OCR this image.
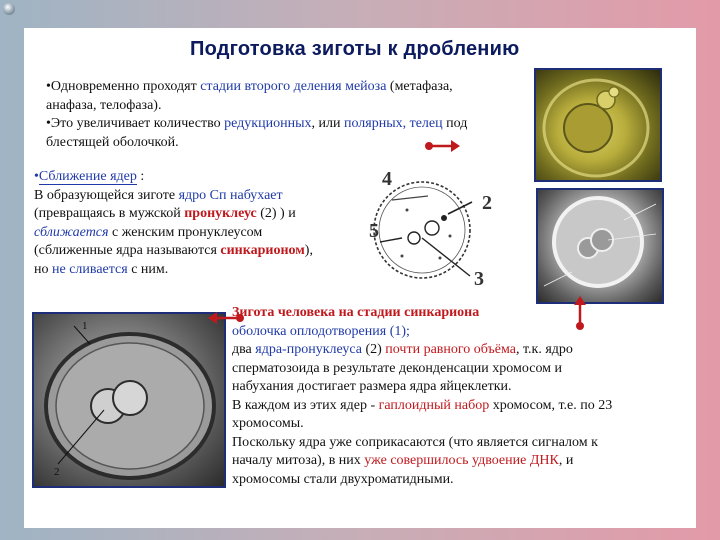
Подготовка зиготы к дроблению
•Одновременно проходят стадии второго деления мейоза (метафаза,
анафаза, телофаза).
•Это увеличивает количество редукционных, или полярных, телец под
блестящей оболочкой.
•Сближение ядер :
В образующейся зиготе ядро Сп набухает
(превращаясь в мужской пронуклеус (2) ) и
сближается с женским пронуклеусом
(сближенные ядра называются синкарионом),
но не сливается с ним.
4
2
5
3
1
2
Зигота человека на стадии синкариона
оболочка оплодотворения (1);
два ядра-пронуклеуса (2) почти равного объёма, т.к. ядро
сперматозоида в результате деконденсации хромосом и
набухания достигает размера ядра яйцеклетки.
В каждом из этих ядер - гаплоидный набор хромосом, т.е. по 23
хромосомы.
Поскольку ядра уже соприкасаются (что является сигналом к
началу митоза), в них уже совершилось удвоение ДНК, и
хромосомы стали двухроматидными.
